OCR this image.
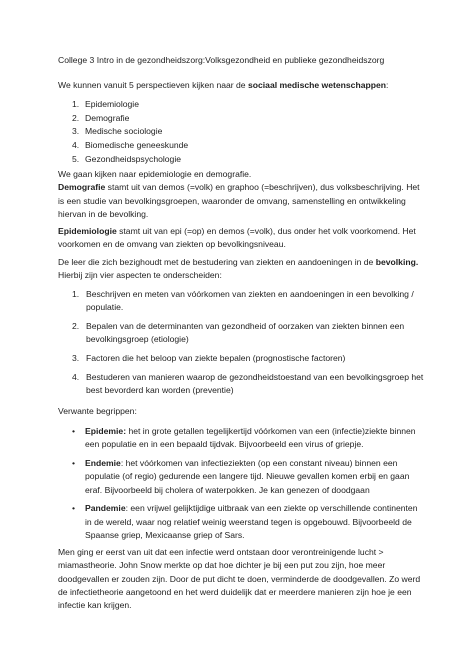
College 3 Intro in de gezondheidszorg:Volksgezondheid en publieke gezondheidszorg

We kunnen vanuit 5 perspectieven kijken naar de sociaal medische wetenschappen:

1. Epidemiologie
2. Demografie
3. Medische sociologie
4. Biomedische geneeskunde
5. Gezondheidspsychologie

We gaan kijken naar epidemiologie en demografie.
Demografie stamt uit van demos (=volk) en graphoo (=beschrijven), dus volksbeschrijving. Het is een studie van bevolkingsgroepen, waaronder de omvang, samenstelling en ontwikkeling hiervan in de bevolking.

Epidemiologie stamt uit van epi (=op) en demos (=volk), dus onder het volk voorkomend. Het voorkomen en de omvang van ziekten op bevolkingsniveau.

De leer die zich bezighoudt met de bestudering van ziekten en aandoeningen in de bevolking. Hierbij zijn vier aspecten te onderscheiden:

1. Beschrijven en meten van vóórkomen van ziekten en aandoeningen in een bevolking / populatie.
2. Bepalen van de determinanten van gezondheid of oorzaken van ziekten binnen een bevolkingsgroep (etiologie)
3. Factoren die het beloop van ziekte bepalen (prognostische factoren)
4. Bestuderen van manieren waarop de gezondheidstoestand van een bevolkingsgroep het best bevorderd kan worden (preventie)

Verwante begrippen:

• Epidemie: het in grote getallen tegelijkertijd vóórkomen van een (infectie)ziekte binnen een populatie en in een bepaald tijdvak. Bijvoorbeeld een virus of griepje.
• Endemie: het vóórkomen van infectieziekten (op een constant niveau) binnen een populatie (of regio) gedurende een langere tijd. Nieuwe gevallen komen erbij en gaan eraf. Bijvoorbeeld bij cholera of waterpokken. Je kan genezen of doodgaan
• Pandemie: een vrijwel gelijktijdige uitbraak van een ziekte op verschillende continenten in de wereld, waar nog relatief weinig weerstand tegen is opgebouwd. Bijvoorbeeld de Spaanse griep, Mexicaanse griep of Sars.

Men ging er eerst van uit dat een infectie werd ontstaan door verontreinigende lucht > miamastheorie. John Snow merkte op dat hoe dichter je bij een put zou zijn, hoe meer doodgevallen er zouden zijn. Door de put dicht te doen, verminderde de doodgevallen. Zo werd de infectietheorie aangetoond en het werd duidelijk dat er meerdere manieren zijn hoe je een infectie kan krijgen.
